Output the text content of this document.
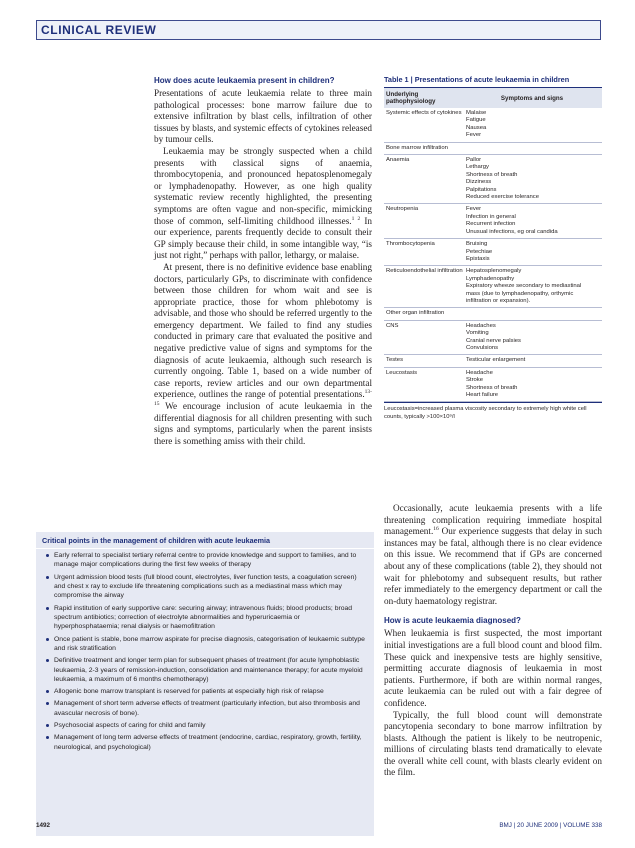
CLINICAL REVIEW
How does acute leukaemia present in children?

Presentations of acute leukaemia relate to three main pathological processes: bone marrow failure due to extensive infiltration by blast cells, infiltration of other tissues by blasts, and systemic effects of cytokines released by tumour cells.

Leukaemia may be strongly suspected when a child presents with classical signs of anaemia, thrombocytopenia, and pronounced hepatosplenomegaly or lymphadenopathy. However, as one high quality systematic review recently highlighted, the presenting symptoms are often vague and non-specific, mimicking those of common, self-limiting childhood illnesses.$^{1 2}$ In our experience, parents frequently decide to consult their GP simply because their child, in some intangible way, “is just not right,” perhaps with pallor, lethargy, or malaise.

At present, there is no definitive evidence base enabling doctors, particularly GPs, to discriminate with confidence between those children for whom wait and see is appropriate practice, those for whom phlebotomy is advisable, and those who should be referred urgently to the emergency department. We failed to find any studies conducted in primary care that evaluated the positive and negative predictive value of signs and symptoms for the diagnosis of acute leukaemia, although such research is currently ongoing. Table 1, based on a wide number of case reports, review articles and our own departmental experience, outlines the range of potential presentations.$^{13-15}$ We encourage inclusion of acute leukaemia in the differential diagnosis for all children presenting with such signs and symptoms, particularly when the parent insists there is something amiss with their child.

Table 1 | Presentations of acute leukaemia in children
Underlying pathophysiology	Symptoms and signs
Systemic effects of cytokines Malaise
Fatigue
Nausea
Fever
Bone marrow infiltration
Anaemia	Pallor
Lethargy
Shortness of breath
Dizziness
Palpitations
Reduced exercise tolerance
Neutropenia	Fever
Infection in general
Recurrent infection
Unusual infections, eg oral candida
Thrombocytopenia	Bruising
Petechiae
Epistaxis
Reticuloendothelial infiltration Hepatosplenomegaly
Lymphadenopathy
Expiratory wheeze secondary to mediastinal
mass (due to lymphadenopathy, orthymic
infiltration or expansion).
Other organ infiltration
CNS	Headaches
Vomiting
Cranial nerve palsies
Convulsions
Testes	Testicular enlargement
Leucostasis	Headache
Stroke
Shortness of breath
Heart failure
Leucostasis=increased plasma viscosity secondary to extremely high white cell counts, typically >100×10⁹/l

Occasionally, acute leukaemia presents with a life threatening complication requiring immediate hospital management.$^{16}$ Our experience suggests that delay in such instances may be fatal, although there is no clear evidence on this issue. We recommend that if GPs are concerned about any of these complications (table 2), they should not wait for phlebotomy and subsequent results, but rather refer immediately to the emergency department or call the on-duty haematology registrar.

How is acute leukaemia diagnosed?

When leukaemia is first suspected, the most important initial investigations are a full blood count and blood film. These quick and inexpensive tests are highly sensitive, permitting accurate diagnosis of leukaemia in most patients. Furthermore, if both are within normal ranges, acute leukaemia can be ruled out with a fair degree of confidence.

Typically, the full blood count will demonstrate pancytopenia secondary to bone marrow infiltration by blasts. Although the patient is likely to be neutropenic, millions of circulating blasts tend dramatically to elevate the overall white cell count, with blasts clearly evident on the film.

Critical points in the management of children with acute leukaemia
Early referral to specialist tertiary referral centre to provide knowledge and support to families, and to manage major complications during the first few weeks of therapy
Urgent admission blood tests (full blood count, electrolytes, liver function tests, a coagulation screen) and chest x ray to exclude life threatening complications such as a mediastinal mass which may compromise the airway
Rapid institution of early supportive care: securing airway; intravenous fluids; blood products; broad spectrum antibiotics; correction of electrolyte abnormalities and hyperuricaemia or hyperphosphataemia; renal dialysis or haemofiltration
Once patient is stable, bone marrow aspirate for precise diagnosis, categorisation of leukaemic subtype and risk stratification
Definitive treatment and longer term plan for subsequent phases of treatment (for acute lymphoblastic leukaemia, 2-3 years of remission-induction, consolidation and maintenance therapy; for acute myeloid leukaemia, a maximum of 6 months chemotherapy)
Allogenic bone marrow transplant is reserved for patients at especially high risk of relapse
Management of short term adverse effects of treatment (particularly infection, but also thrombosis and avascular necrosis of bone).
Psychosocial aspects of caring for child and family
Management of long term adverse effects of treatment (endocrine, cardiac, respiratory, growth, fertility, neurological, and psychological)
1492	BMJ | 20 JUNE 2009 | VOLUME 338
